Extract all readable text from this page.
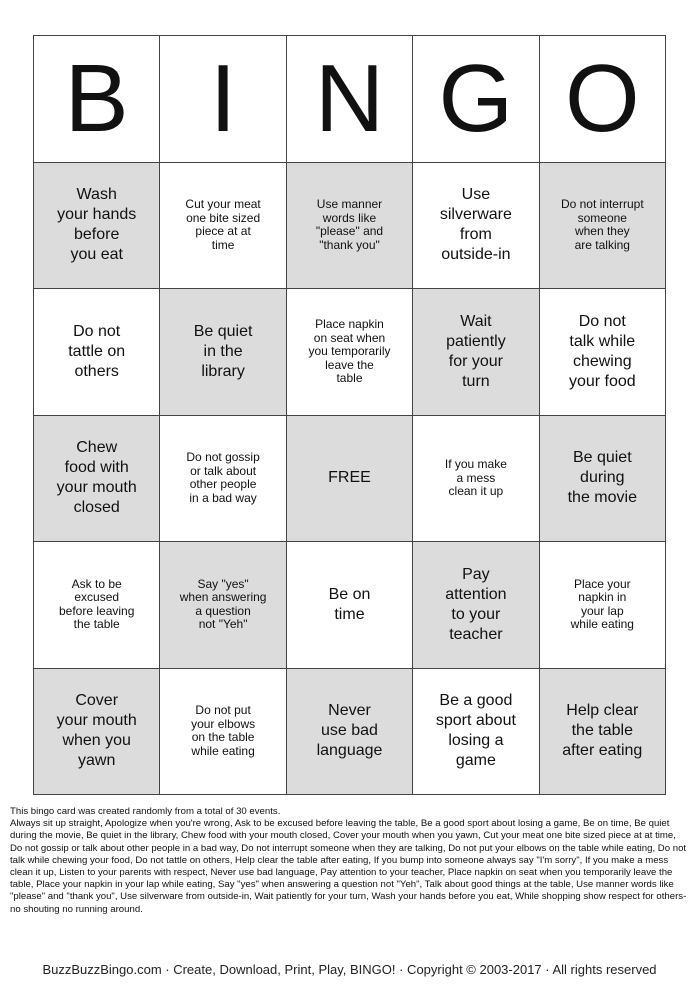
B I N G O
Wash
your hands
before
you eat
Cut your meat
one bite sized
piece at at
time
Use manner
words like
"please" and
"thank you"
Use
silverware
from
outside-in
Do not interrupt
someone
when they
are talking
Do not
tattle on
others
Be quiet
in the
library
Place napkin
on seat when
you temporarily
leave the
table
Wait
patiently
for your
turn
Do not
talk while
chewing
your food
Chew
food with
your mouth
closed
Do not gossip
or talk about
other people
in a bad way
FREE
If you make
a mess
clean it up
Be quiet
during
the movie
Ask to be
excused
before leaving
the table
Say "yes"
when answering
a question
not "Yeh"
Be on
time
Pay
attention
to your
teacher
Place your
napkin in
your lap
while eating
Cover
your mouth
when you
yawn
Do not put
your elbows
on the table
while eating
Never
use bad
language
Be a good
sport about
losing a
game
Help clear
the table
after eating

This bingo card was created randomly from a total of 30 events.

Always sit up straight, Apologize when you're wrong, Ask to be excused before leaving the table, Be a good sport about losing a game, Be on time, Be quiet during the movie, Be quiet in the library, Chew food with your mouth closed, Cover your mouth when you yawn, Cut your meat one bite sized piece at at time, Do not gossip or talk about other people in a bad way, Do not interrupt someone when they are talking, Do not put your elbows on the table while eating, Do not talk while chewing your food, Do not tattle on others, Help clear the table after eating, If you bump into someone always say "I'm sorry", If you make a mess clean it up, Listen to your parents with respect, Never use bad language, Pay attention to your teacher, Place napkin on seat when you temporarily leave the table, Place your napkin in your lap while eating, Say "yes" when answering a question not "Yeh", Talk about good things at the table, Use manner words like "please" and "thank you", Use silverware from outside-in, Wait patiently for your turn, Wash your hands before you eat, While shopping show respect for others-no shouting no running around.

BuzzBuzzBingo.com · Create, Download, Print, Play, BINGO! · Copyright © 2003-2017 · All rights reserved
